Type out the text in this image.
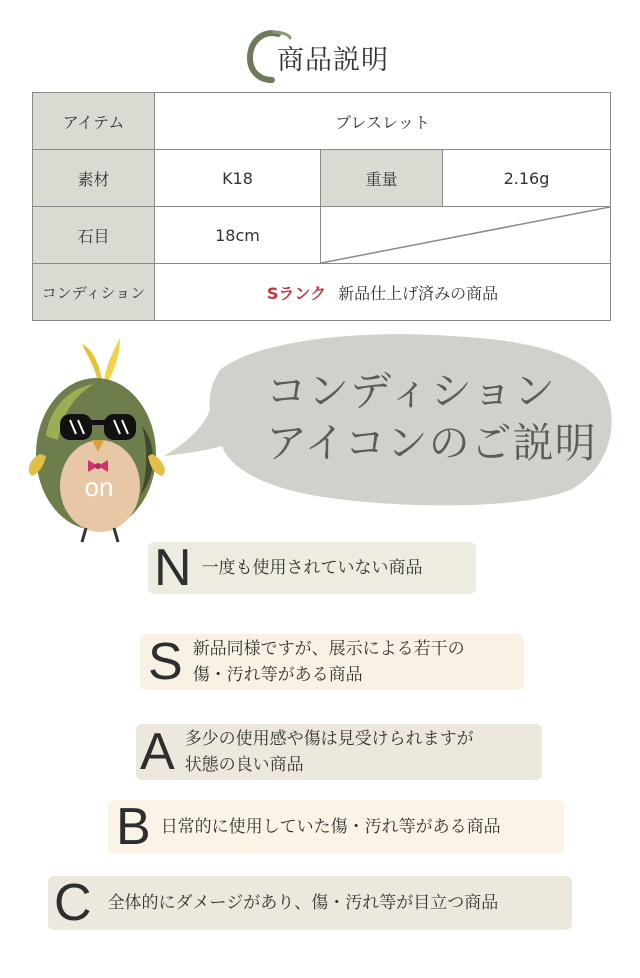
商品説明
アイテム	ブレスレット		
素材	K18	重量	2.16g
石目	18cm	

コンディション	Sランク 新品仕上げ済みの商品		
on
コンディション
アイコンのご説明
N 一度も使用されていない商品
S 新品同様ですが、展示による若干の
傷・汚れ等がある商品
A 多少の使用感や傷は見受けられますが
状態の良い商品
B 日常的に使用していた傷・汚れ等がある商品
C 全体的にダメージがあり、傷・汚れ等が目立つ商品
